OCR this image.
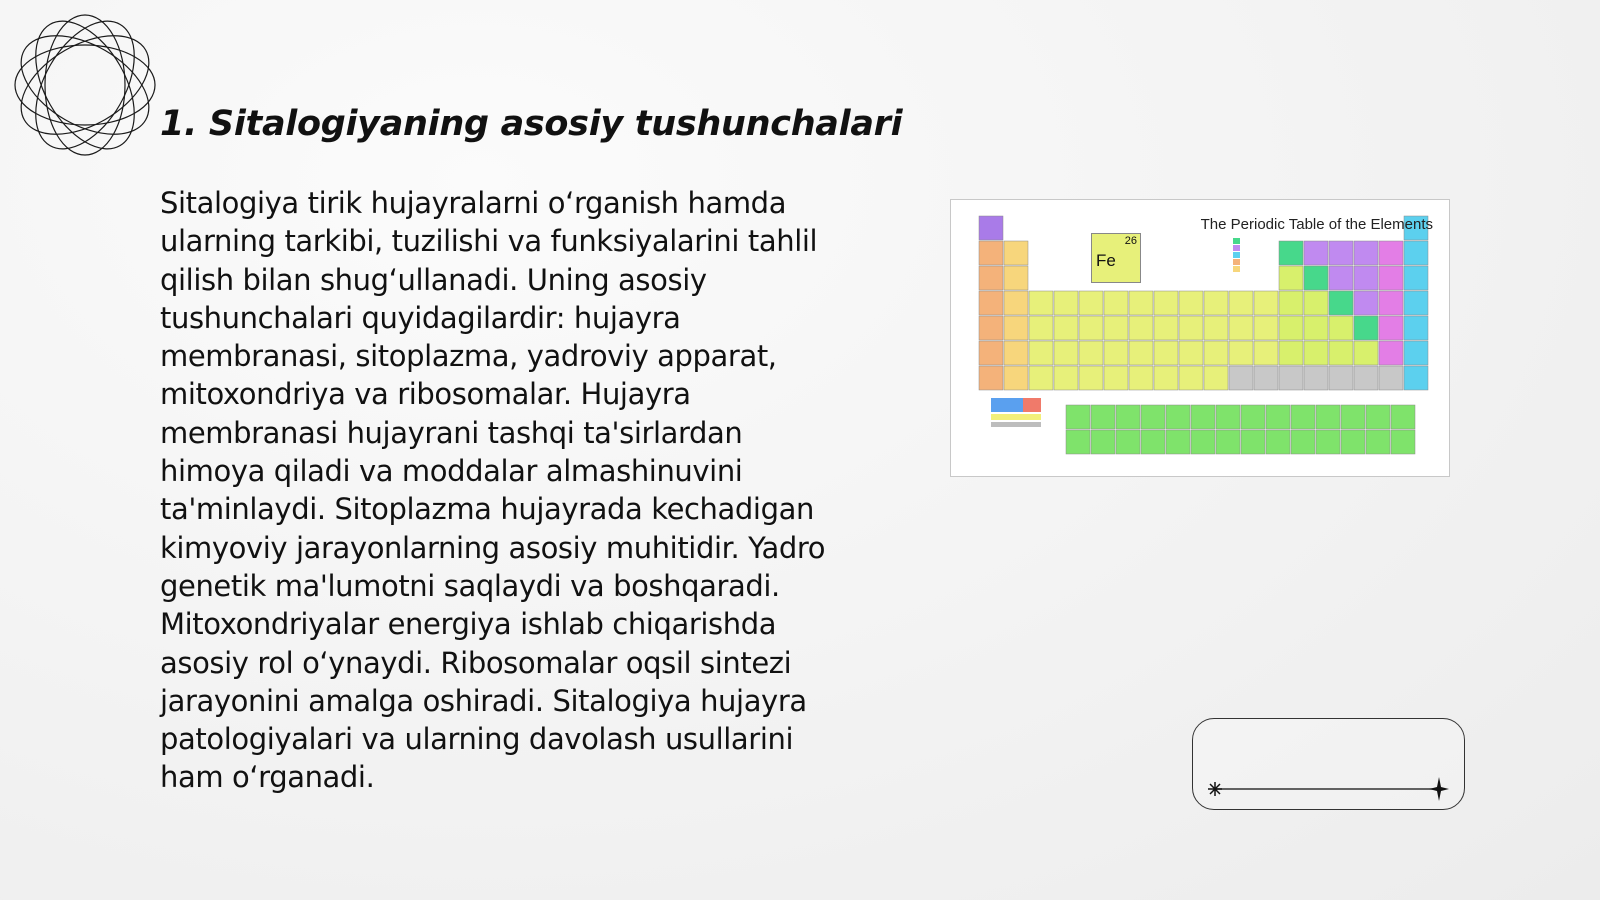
1. Sitalogiyaning asosiy tushunchalari

Sitalogiya tirik hujayralarni o‘rganish hamda ularning tarkibi, tuzilishi va funksiyalarini tahlil qilish bilan shug‘ullanadi. Uning asosiy tushunchalari quyidagilardir: hujayra membranasi, sitoplazma, yadroviy apparat, mitoxondriya va ribosomalar. Hujayra membranasi hujayrani tashqi ta'sirlardan himoya qiladi va moddalar almashinuvini ta'minlaydi. Sitoplazma hujayrada kechadigan kimyoviy jarayonlarning asosiy muhitidir. Yadro genetik ma'lumotni saqlaydi va boshqaradi. Mitoxondriyalar energiya ishlab chiqarishda asosiy rol o‘ynaydi. Ribosomalar oqsil sintezi jarayonini amalga oshiradi. Sitalogiya hujayra patologiyalari va ularning davolash usullarini ham o‘rganadi.

The Periodic Table of the Elements
26
Fe
